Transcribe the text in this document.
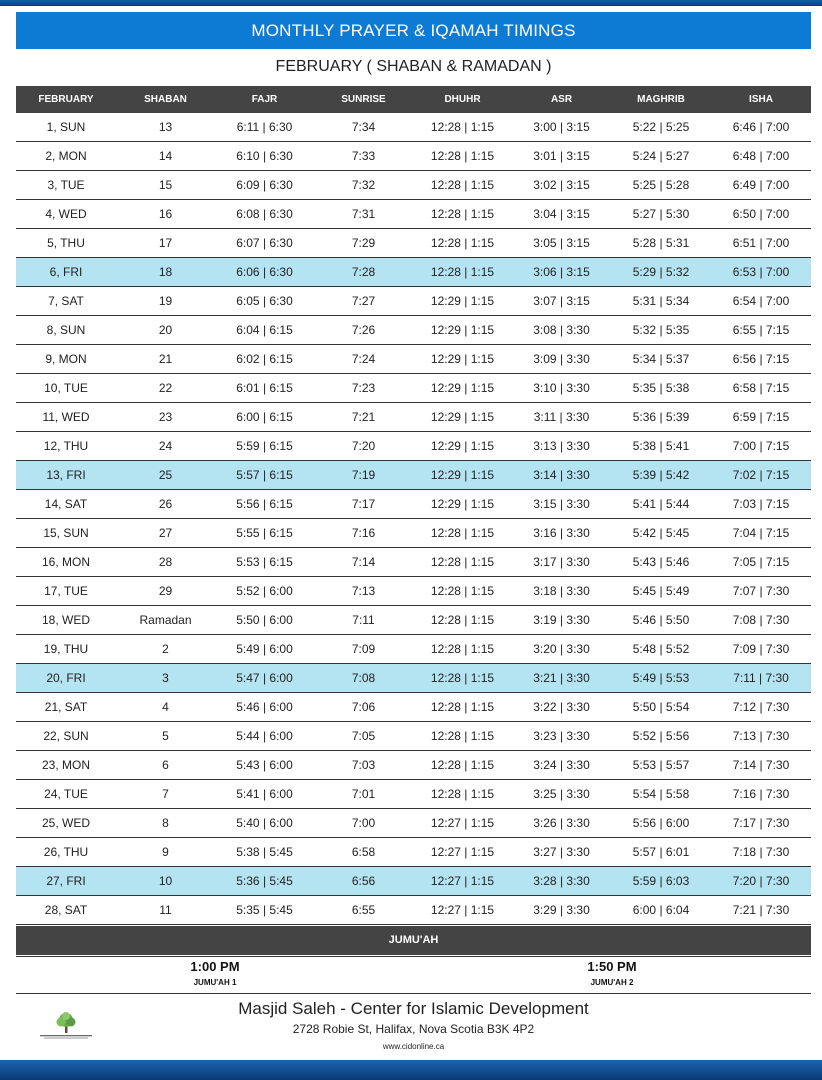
MONTHLY PRAYER & IQAMAH TIMINGS
FEBRUARY ( SHABAN & RAMADAN )
FEBRUARY	SHABAN	FAJR	SUNRISE	DHUHR	ASR	MAGHRIB	ISHA
1, SUN	13	6:11 | 6:30	7:34	12:28 | 1:15	3:00 | 3:15	5:22 | 5:25	6:46 | 7:00
2, MON	14	6:10 | 6:30	7:33	12:28 | 1:15	3:01 | 3:15	5:24 | 5:27	6:48 | 7:00
3, TUE	15	6:09 | 6:30	7:32	12:28 | 1:15	3:02 | 3:15	5:25 | 5:28	6:49 | 7:00
4, WED	16	6:08 | 6:30	7:31	12:28 | 1:15	3:04 | 3:15	5:27 | 5:30	6:50 | 7:00
5, THU	17	6:07 | 6:30	7:29	12:28 | 1:15	3:05 | 3:15	5:28 | 5:31	6:51 | 7:00
6, FRI	18	6:06 | 6:30	7:28	12:28 | 1:15	3:06 | 3:15	5:29 | 5:32	6:53 | 7:00
7, SAT	19	6:05 | 6:30	7:27	12:29 | 1:15	3:07 | 3:15	5:31 | 5:34	6:54 | 7:00
8, SUN	20	6:04 | 6:15	7:26	12:29 | 1:15	3:08 | 3:30	5:32 | 5:35	6:55 | 7:15
9, MON	21	6:02 | 6:15	7:24	12:29 | 1:15	3:09 | 3:30	5:34 | 5:37	6:56 | 7:15
10, TUE	22	6:01 | 6:15	7:23	12:29 | 1:15	3:10 | 3:30	5:35 | 5:38	6:58 | 7:15
11, WED	23	6:00 | 6:15	7:21	12:29 | 1:15	3:11 | 3:30	5:36 | 5:39	6:59 | 7:15
12, THU	24	5:59 | 6:15	7:20	12:29 | 1:15	3:13 | 3:30	5:38 | 5:41	7:00 | 7:15
13, FRI	25	5:57 | 6:15	7:19	12:29 | 1:15	3:14 | 3:30	5:39 | 5:42	7:02 | 7:15
14, SAT	26	5:56 | 6:15	7:17	12:29 | 1:15	3:15 | 3:30	5:41 | 5:44	7:03 | 7:15
15, SUN	27	5:55 | 6:15	7:16	12:28 | 1:15	3:16 | 3:30	5:42 | 5:45	7:04 | 7:15
16, MON	28	5:53 | 6:15	7:14	12:28 | 1:15	3:17 | 3:30	5:43 | 5:46	7:05 | 7:15
17, TUE	29	5:52 | 6:00	7:13	12:28 | 1:15	3:18 | 3:30	5:45 | 5:49	7:07 | 7:30
18, WED	Ramadan	5:50 | 6:00	7:11	12:28 | 1:15	3:19 | 3:30	5:46 | 5:50	7:08 | 7:30
19, THU	2	5:49 | 6:00	7:09	12:28 | 1:15	3:20 | 3:30	5:48 | 5:52	7:09 | 7:30
20, FRI	3	5:47 | 6:00	7:08	12:28 | 1:15	3:21 | 3:30	5:49 | 5:53	7:11 | 7:30
21, SAT	4	5:46 | 6:00	7:06	12:28 | 1:15	3:22 | 3:30	5:50 | 5:54	7:12 | 7:30
22, SUN	5	5:44 | 6:00	7:05	12:28 | 1:15	3:23 | 3:30	5:52 | 5:56	7:13 | 7:30
23, MON	6	5:43 | 6:00	7:03	12:28 | 1:15	3:24 | 3:30	5:53 | 5:57	7:14 | 7:30
24, TUE	7	5:41 | 6:00	7:01	12:28 | 1:15	3:25 | 3:30	5:54 | 5:58	7:16 | 7:30
25, WED	8	5:40 | 6:00	7:00	12:27 | 1:15	3:26 | 3:30	5:56 | 6:00	7:17 | 7:30
26, THU	9	5:38 | 5:45	6:58	12:27 | 1:15	3:27 | 3:30	5:57 | 6:01	7:18 | 7:30
27, FRI	10	5:36 | 5:45	6:56	12:27 | 1:15	3:28 | 3:30	5:59 | 6:03	7:20 | 7:30
28, SAT	11	5:35 | 5:45	6:55	12:27 | 1:15	3:29 | 3:30	6:00 | 6:04	7:21 | 7:30
JUMU'AH
1:00 PM
JUMU'AH 1
1:50 PM
JUMU'AH 2
Masjid Saleh - Center for Islamic Development
2728 Robie St, Halifax, Nova Scotia B3K 4P2
www.cidonline.ca
